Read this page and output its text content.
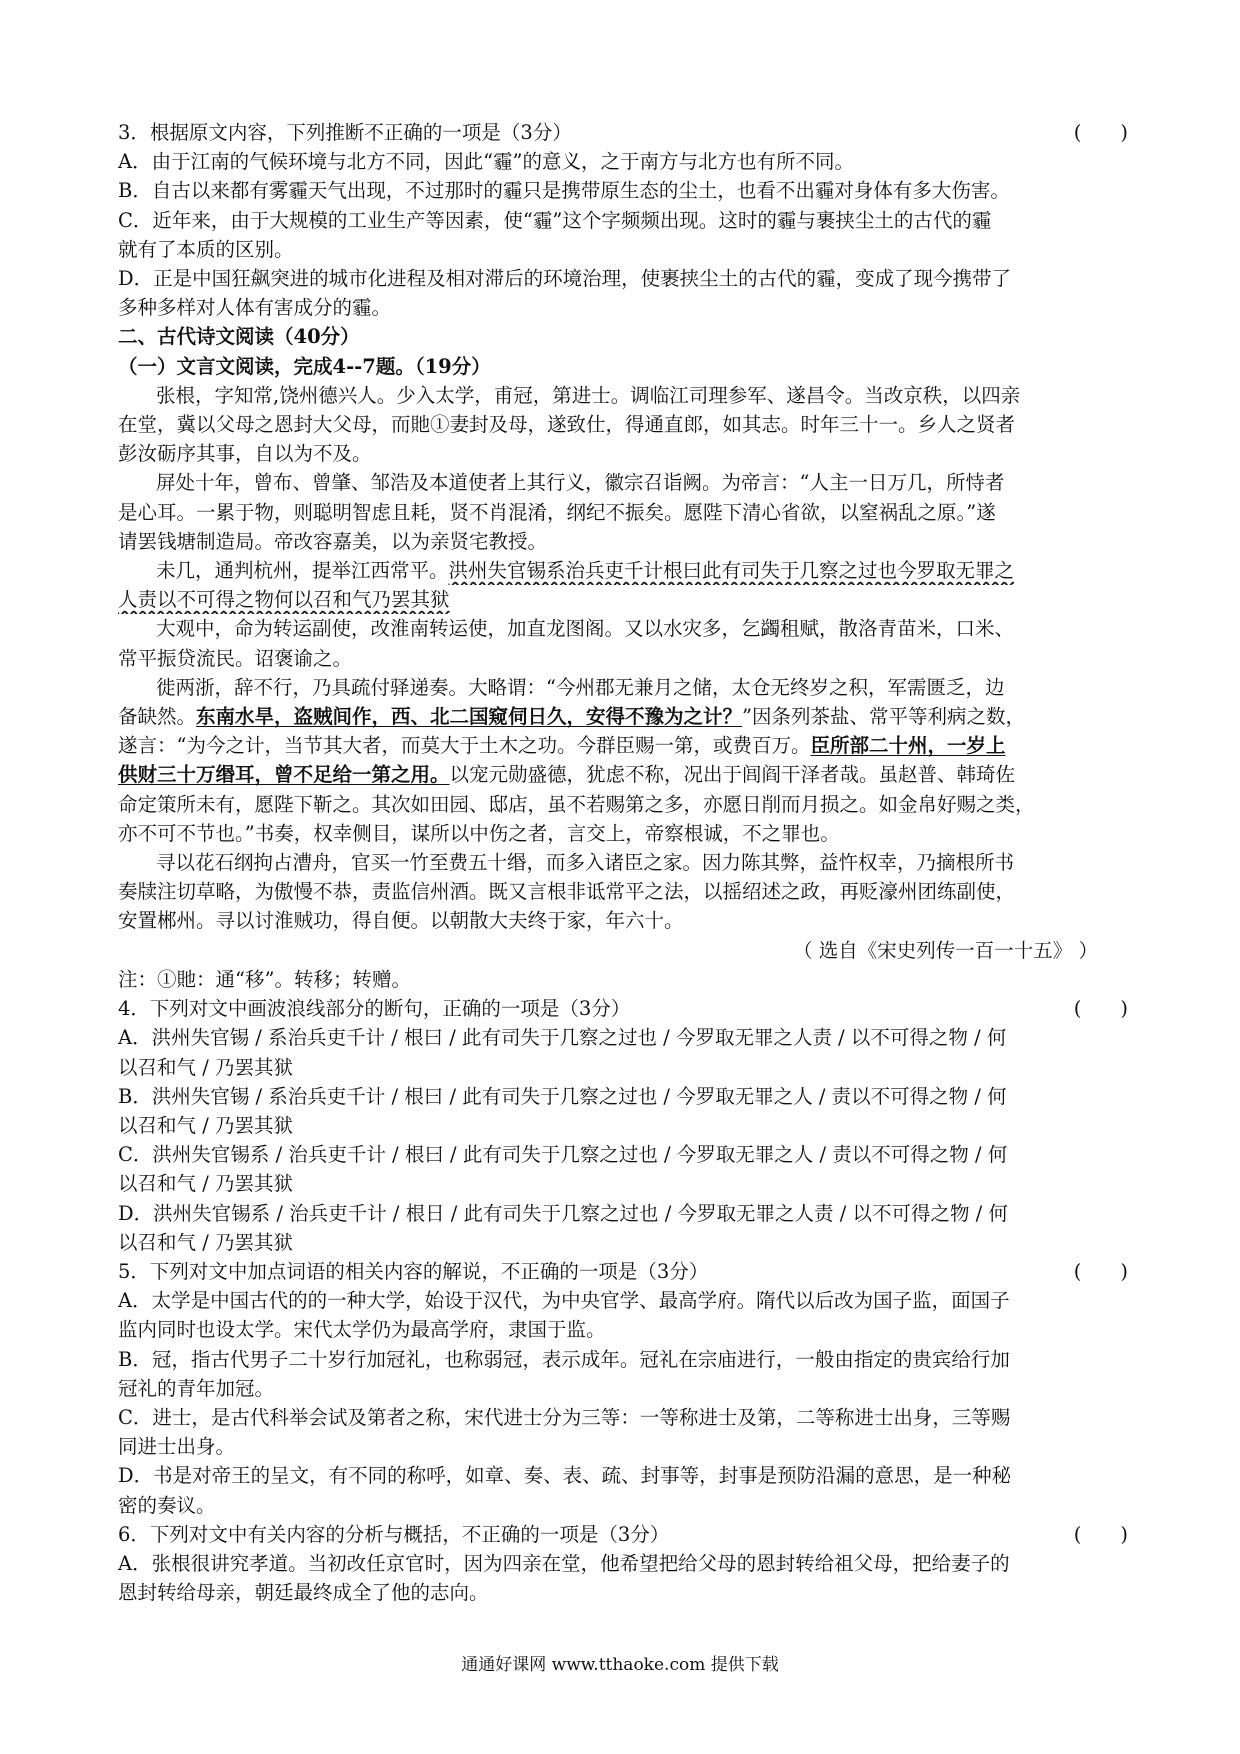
3．根据原文内容，下列推断不正确的一项是（3分）	(　　)
A．由于江南的气候环境与北方不同，因此“霾”的意义，之于南方与北方也有所不同。
B．自古以来都有雾霾天气出现，不过那时的霾只是携带原生态的尘土，也看不出霾对身体有多大伤害。
C．近年来，由于大规模的工业生产等因素，使“霾”这个字频频出现。这时的霾与裹挟尘土的古代的霾
就有了本质的区别。
D．正是中国狂飙突进的城市化进程及相对滞后的环境治理，使裹挟尘土的古代的霾，变成了现今携带了
多种多样对人体有害成分的霾。
二、古代诗文阅读（40分）
（一）文言文阅读，完成4--7题。（19分）
张根，字知常,饶州德兴人。少入太学，甫冠，第进士。调临江司理参军、遂昌令。当改京秩，以四亲
在堂，冀以父母之恩封大父母，而貤①妻封及母，遂致仕，得通直郎，如其志。时年三十一。乡人之贤者
彭汝砺序其事，自以为不及。
屏处十年，曾布、曾肇、邹浩及本道使者上其行义，徽宗召诣阙。为帝言：“人主一日万几，所恃者
是心耳。一累于物，则聪明智虑且耗，贤不肖混淆，纲纪不振矣。愿陛下清心省欲，以窒祸乱之原。”遂
请罢钱塘制造局。帝改容嘉美，以为亲贤宅教授。
未几，通判杭州，提举江西常平。洪州失官锡系治兵吏千计根曰此有司失于几察之过也今罗取无罪之
人责以不可得之物何以召和气乃罢其狱
大观中，命为转运副使，改淮南转运使，加直龙图阁。又以水灾多，乞蠲租赋，散洛青苗米，口米、
常平振贷流民。诏褒谕之。
徙两浙，辞不行，乃具疏付驿递奏。大略谓：“今州郡无兼月之储，太仓无终岁之积，军需匮乏，边
备缺然。东南水旱，盗贼间作，西、北二国窥伺日久，安得不豫为之计？”因条列茶盐、常平等利病之数，
遂言：“为今之计，当节其大者，而莫大于土木之功。今群臣赐一第，或费百万。臣所部二十州，一岁上
供财三十万缗耳，曾不足给一第之用。以宠元勋盛德，犹虑不称，况出于闾阎干泽者哉。虽赵普、韩琦佐
命定策所未有，愿陛下靳之。其次如田园、邸店，虽不若赐第之多，亦愿日削而月损之。如金帛好赐之类，
亦不可不节也。”书奏，权幸侧目，谋所以中伤之者，言交上，帝察根诚，不之罪也。
寻以花石纲拘占漕舟，官买一竹至费五十缗，而多入诸臣之家。因力陈其弊，益忤权幸，乃摘根所书
奏牍注切草略，为傲慢不恭，责监信州酒。既又言根非诋常平之法，以摇绍述之政，再贬濠州团练副使，
安置郴州。寻以讨淮贼功，得自便。以朝散大夫终于家，年六十。
（ 选自《宋史列传一百一十五》 ）
注：①貤：通“移”。转移；转赠。
4．下列对文中画波浪线部分的断句，正确的一项是（3分）	(　　)
A．洪州失官锡 / 系治兵吏千计 / 根曰 / 此有司失于几察之过也 / 今罗取无罪之人责 / 以不可得之物 / 何
以召和气 / 乃罢其狱
B．洪州失官锡 / 系治兵吏千计 / 根曰 / 此有司失于几察之过也 / 今罗取无罪之人 / 责以不可得之物 / 何
以召和气 / 乃罢其狱
C．洪州失官锡系 / 治兵吏千计 / 根曰 / 此有司失于几察之过也 / 今罗取无罪之人 / 责以不可得之物 / 何
以召和气 / 乃罢其狱
D．洪州失官锡系 / 治兵吏千计 / 根日 / 此有司失于几察之过也 / 今罗取无罪之人责 / 以不可得之物 / 何
以召和气 / 乃罢其狱
5．下列对文中加点词语的相关内容的解说，不正确的一项是（3分）	(　　)
A．太学是中国古代的的一种大学，始设于汉代，为中央官学、最高学府。隋代以后改为国子监，面国子
监内同时也设太学。宋代太学仍为最高学府，隶国于监。
B．冠，指古代男子二十岁行加冠礼，也称弱冠，表示成年。冠礼在宗庙进行，一般由指定的贵宾给行加
冠礼的青年加冠。
C．进士，是古代科举会试及第者之称，宋代进士分为三等：一等称进士及第，二等称进士出身，三等赐
同进士出身。
D．书是对帝王的呈文，有不同的称呼，如章、奏、表、疏、封事等，封事是预防沿漏的意思，是一种秘
密的奏议。
6．下列对文中有关内容的分析与概括，不正确的一项是（3分）	(　　)
A．张根很讲究孝道。当初改任京官时，因为四亲在堂，他希望把给父母的恩封转给祖父母，把给妻子的
恩封转给母亲，朝廷最终成全了他的志向。
通通好课网 www.tthaoke.com 提供下载
